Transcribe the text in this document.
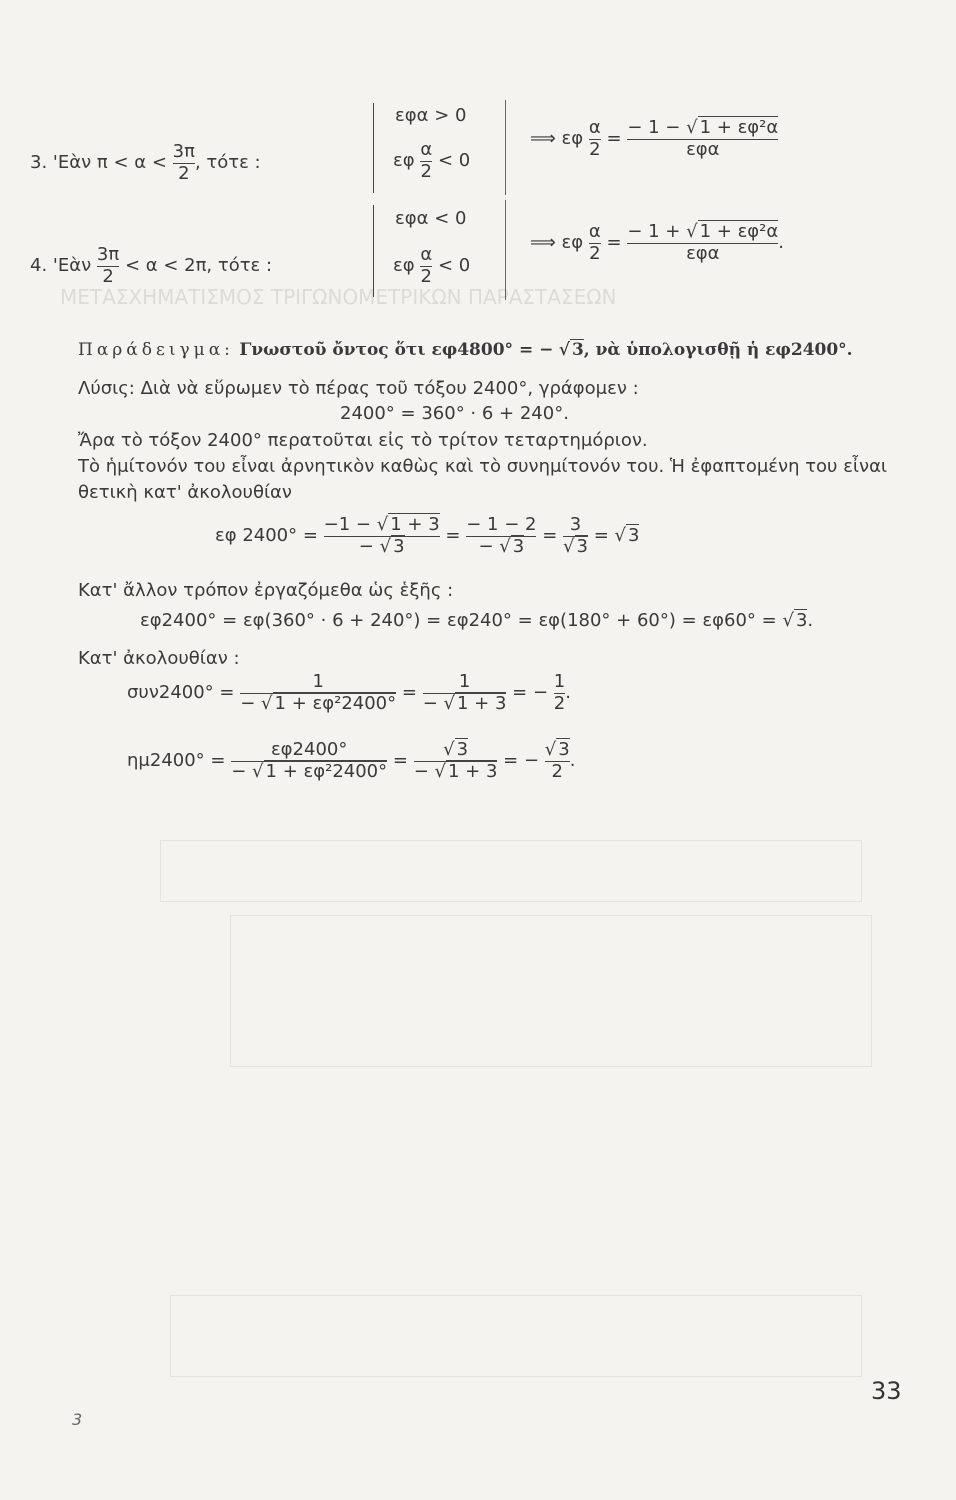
ΜΕΤΑΣΧΗΜΑΤΙΣΜΟΣ ΤΡΙΓΩΝΟΜΕΤΡΙΚΩΝ ΠΑΡΑΣΤΑΣΕΩΝ
3. 'Εὰν $\pi < \alpha < \frac{3\pi}{2}$ , τότε :
εφα > 0
εφ $\frac{\alpha}{2} < 0$
⟹ εφ $\frac{\alpha}{2} = \frac{\text{− 1 − √ 1 + εφ²α}}{\text{εφα}}$
4. 'Εὰν $\frac{3\pi}{2} < \alpha < 2\pi$, τότε :
εφα < 0
εφ $\frac{\alpha}{2} < 0$
⟹ εφ $\frac{\alpha}{2} = \frac{\text{− 1 + √ 1 + εφ²α}}{\text{εφα}}$ .
Παράδειγμα: Γνωστοῦ ὄντος ὅτι εφ4800° = − √ 3, νὰ ὑπολογισθῇ ἡ εφ2400°.
Λύσις: Διὰ νὰ εὕρωμεν τὸ πέρας τοῦ τόξου 2400°, γράφομεν :
2400° = 360° · 6 + 240°.
Ἄρα τὸ τόξον 2400° περατοῦται εἰς τὸ τρίτον τεταρτημόριον.
Τὸ ἡμίτονόν του εἶναι ἀρνητικὸν καθὼς καὶ τὸ συνημίτονόν του. Ἡ ἐφαπτομένη του εἶναι
θετικὴ κατ' ἀκολουθίαν
εφ $2400^\circ = \frac{-1 - √ 1 + 3}{- √ 3} = \frac{- 1 - 2}{- √ 3} = \frac{3}{√ 3}$ = √ 3
Κατ' ἄλλον τρόπον ἐργαζόμεθα ὡς ἑξῆς :
εφ2400° = εφ(360° · 6 + 240°) = εφ240° = εφ(180° + 60°) = εφ60° = √ 3.
Κατ' ἀκολουθίαν :
$\sigma\upsilon\nu 2400^\circ = \frac{1}{\text{− √ 1 + εφ²2400°}} = \frac{1}{- √ 1 + 3}$ = − $\frac{1}{2}$ .
$\eta\mu 2400^\circ = \frac{\varepsilon\varphi 2400^\circ}{\text{− √ 1 + εφ²2400°}} = \frac{√ 3}{- √ 1 + 3}$ = − $\frac{√ 3}{2}$ .
33
3
